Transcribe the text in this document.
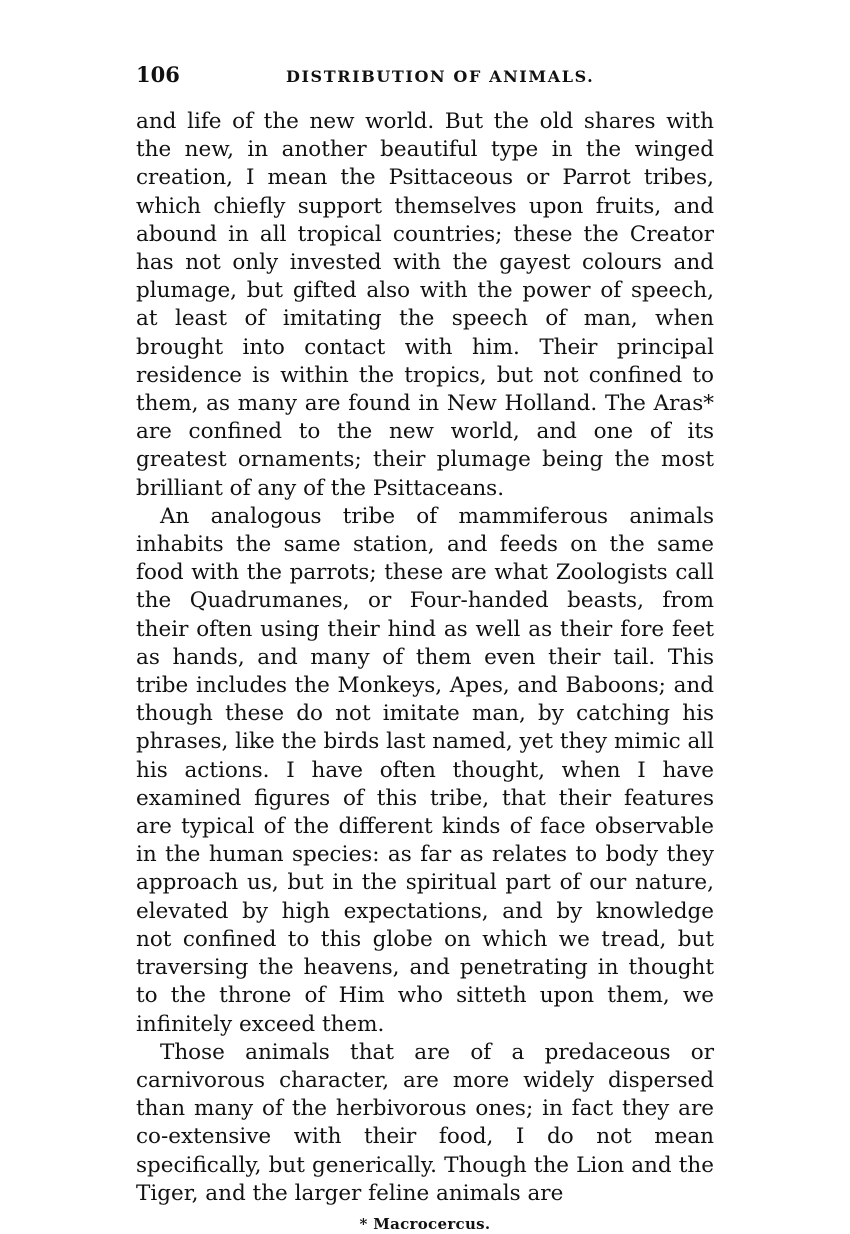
106	DISTRIBUTION OF ANIMALS.

and life of the new world. But the old shares with the new, in another beautiful type in the winged creation, I mean the Psittaceous or Parrot tribes, which chiefly support themselves upon fruits, and abound in all tropical countries; these the Creator has not only invested with the gayest colours and plumage, but gifted also with the power of speech, at least of imitating the speech of man, when brought into contact with him. Their principal residence is within the tropics, but not confined to them, as many are found in New Holland. The Aras* are confined to the new world, and one of its greatest ornaments; their plumage being the most brilliant of any of the Psittaceans.

An analogous tribe of mammiferous animals inhabits the same station, and feeds on the same food with the parrots; these are what Zoologists call the Quadrumanes, or Four-handed beasts, from their often using their hind as well as their fore feet as hands, and many of them even their tail. This tribe includes the Monkeys, Apes, and Baboons; and though these do not imitate man, by catching his phrases, like the birds last named, yet they mimic all his actions. I have often thought, when I have examined figures of this tribe, that their features are typical of the different kinds of face observable in the human species: as far as relates to body they approach us, but in the spiritual part of our nature, elevated by high expectations, and by knowledge not confined to this globe on which we tread, but traversing the heavens, and penetrating in thought to the throne of Him who sitteth upon them, we infinitely exceed them.

Those animals that are of a predaceous or carnivorous character, are more widely dispersed than many of the herbivorous ones; in fact they are co-extensive with their food, I do not mean specifically, but generically. Though the Lion and the Tiger, and the larger feline animals are

* Macrocercus.
